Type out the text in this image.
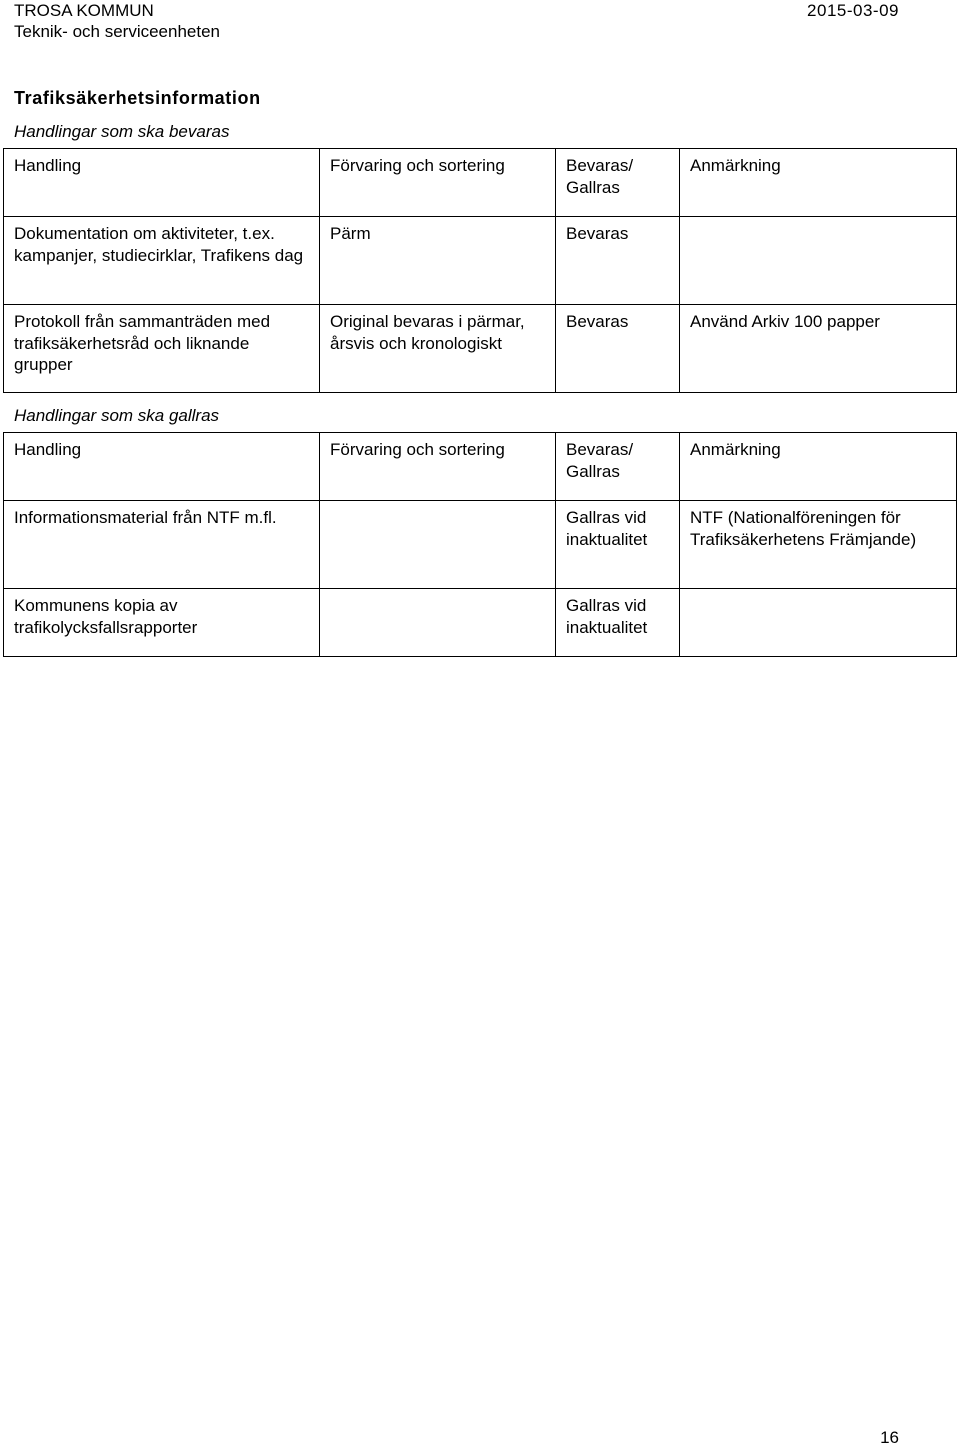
TROSA KOMMUN
Teknik- och serviceenheten
2015-03-09
Trafiksäkerhetsinformation
Handlingar som ska bevaras
Handling	Förvaring och sortering	Bevaras/ Gallras	Anmärkning
Dokumentation om aktiviteter, t.ex. kampanjer, studiecirklar, Trafikens dag	Pärm	Bevaras	
Protokoll från sammanträden med trafiksäkerhetsråd och liknande grupper	Original bevaras i pärmar, årsvis och kronologiskt	Bevaras	Använd Arkiv 100 papper
Handlingar som ska gallras
Handling	Förvaring och sortering	Bevaras/ Gallras	Anmärkning
Informationsmaterial från NTF m.fl.		Gallras vid inaktualitet	NTF (Nationalföreningen för Trafiksäkerhetens Främjande)
Kommunens kopia av trafikolycksfallsrapporter		Gallras vid inaktualitet	
16
